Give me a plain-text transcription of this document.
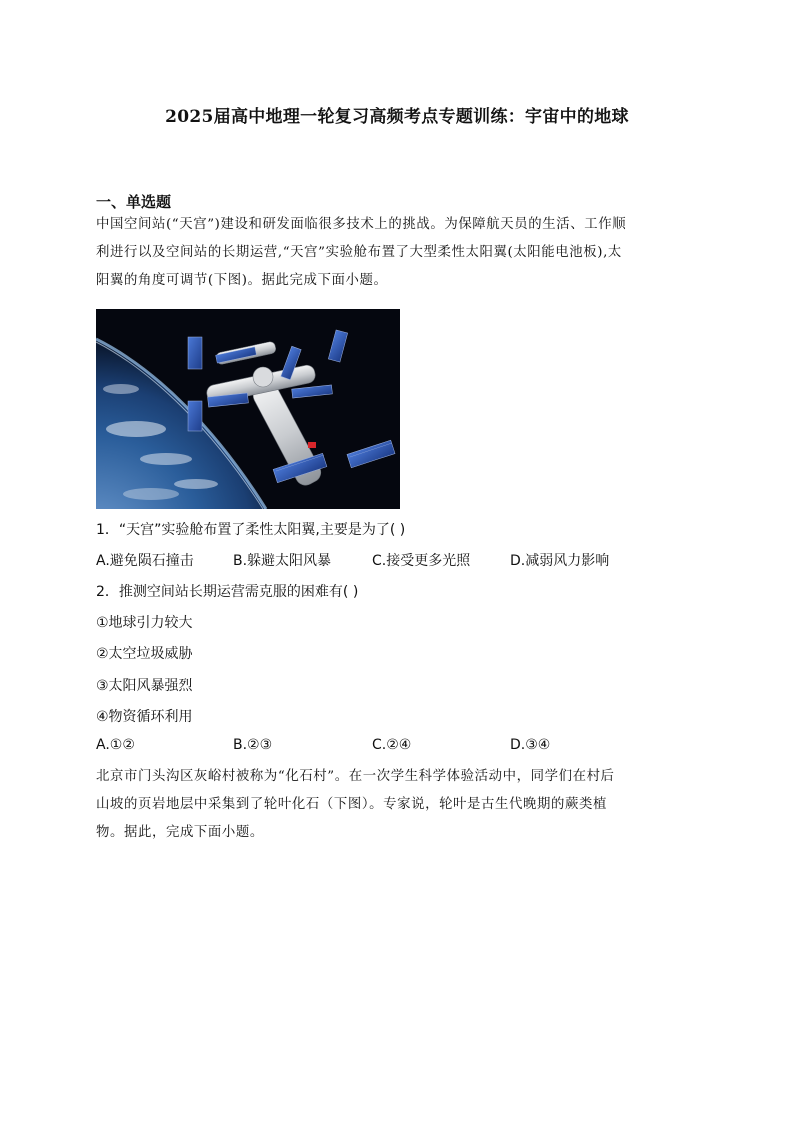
2025届高中地理一轮复习高频考点专题训练：宇宙中的地球
一、单选题
中国空间站(“天宫”)建设和研发面临很多技术上的挑战。为保障航天员的生活、工作顺
利进行以及空间站的长期运营,“天宫”实验舱布置了大型柔性太阳翼(太阳能电池板),太
阳翼的角度可调节(下图)。据此完成下面小题。
1．“天宫”实验舱布置了柔性太阳翼,主要是为了( )
A.避免陨石撞击	B.躲避太阳风暴	C.接受更多光照	D.减弱风力影响
2．推测空间站长期运营需克服的困难有( )
①地球引力较大
②太空垃圾威胁
③太阳风暴强烈
④物资循环利用
A.①②	B.②③	C.②④	D.③④
北京市门头沟区灰峪村被称为“化石村”。在一次学生科学体验活动中，同学们在村后
山坡的页岩地层中采集到了轮叶化石（下图）。专家说，轮叶是古生代晚期的蕨类植
物。据此，完成下面小题。
